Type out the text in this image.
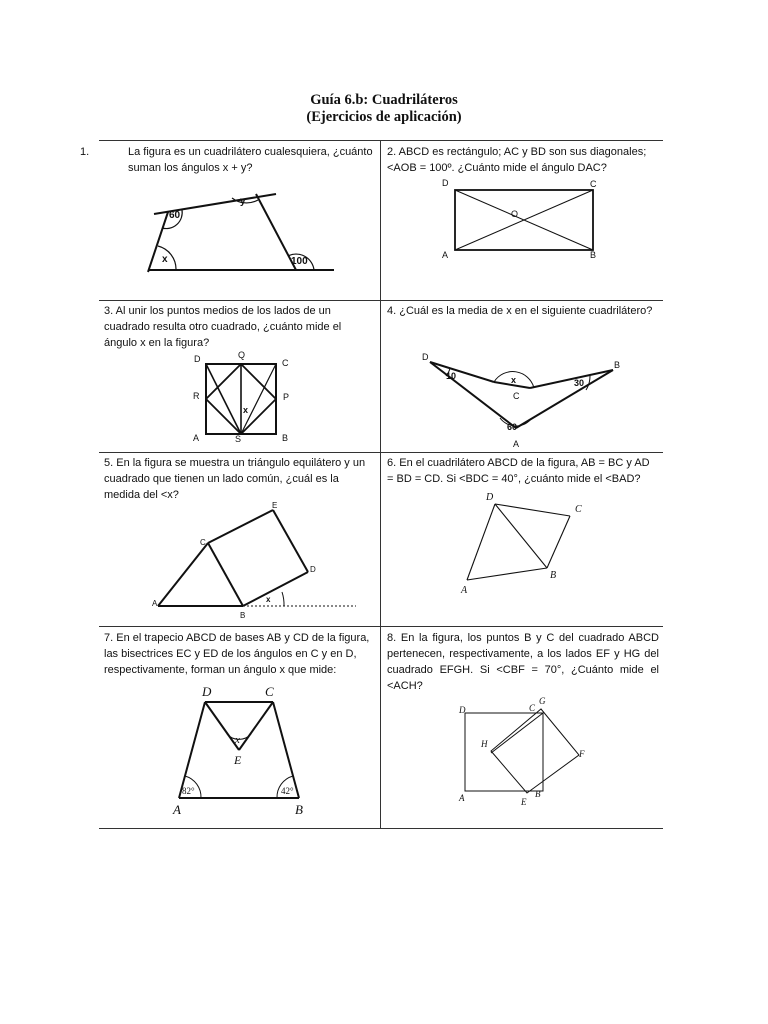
Guía 6.b: Cuadriláteros
(Ejercicios de aplicación)
1.	La figura es un cuadrilátero cualesquiera, ¿cuánto suman los ángulos x + y?
60
y
x	100
2. ABCD es rectángulo; AC y BD son sus diagonales; <AOB = 100º. ¿Cuánto mide el ángulo DAC?
D	C
O
A	B
3. Al unir los puntos medios de los lados de un cuadrado resulta otro cuadrado, ¿cuánto mide el ángulo x en la figura?
D	Q
C
R	P
x
A	S	B
4. ¿Cuál es la media de x en el siguiente cuadrilátero?
D
10	x
B
30
C
60
A
5. En la figura se muestra un triángulo equilátero y un cuadrado que tienen un lado común, ¿cuál es la medida del <x?
E
C
D
A
B
x
6. En el cuadrilátero ABCD de la figura, AB = BC y AD = BD = CD. Si <BDC = 40°, ¿cuánto mide el <BAD?
D
C
B
A
7. En el trapecio ABCD de bases AB y CD de la figura, las bisectrices EC y ED de los ángulos en C y en D, respectivamente, forman un ángulo x que mide:
D	C
x
E
82°	42°
A	B
8. En la figura, los puntos B y C del cuadrado ABCD pertenecen, respectivamente, a los lados EF y HG del cuadrado EFGH. Si <CBF = 70°, ¿Cuánto mide el <ACH?
D	C
G
H
F
A	E
B
